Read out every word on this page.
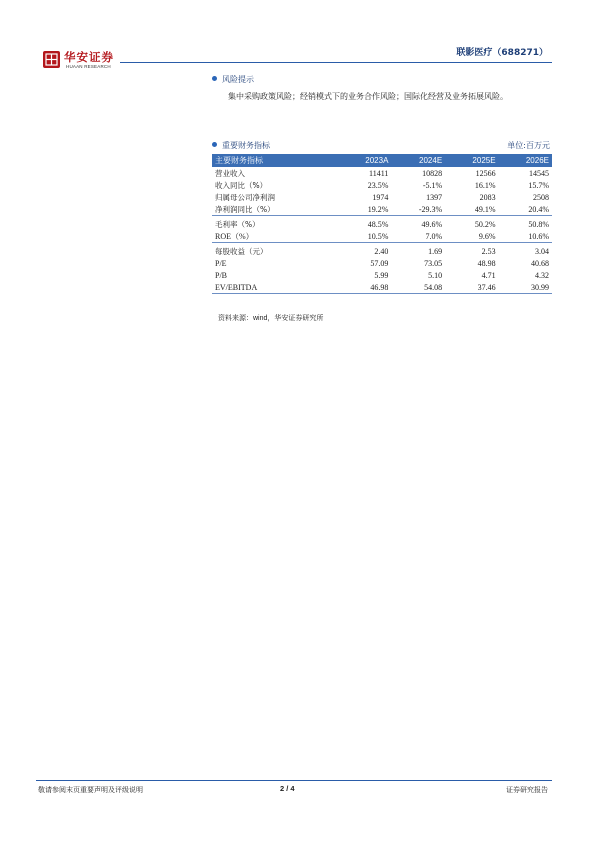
华安证券
HUAAN RESEARCH
联影医疗（688271）
风险提示
集中采购政策风险；经销模式下的业务合作风险；国际化经营及业务拓展风险。
重要财务指标	单位:百万元
主要财务指标	2023A	2024E	2025E	2026E
营业收入	11411	10828	12566	14545
收入同比（%）	23.5%	-5.1%	16.1%	15.7%
归属母公司净利润	1974	1397	2083	2508
净利润同比（%）	19.2%	-29.3%	49.1%	20.4%
毛利率（%）	48.5%	49.6%	50.2%	50.8%
ROE（%）	10.5%	7.0%	9.6%	10.6%
每股收益（元）	2.40	1.69	2.53	3.04
P/E	57.09	73.05	48.98	40.68
P/B	5.99	5.10	4.71	4.32
EV/EBITDA	46.98	54.08	37.46	30.99
资料来源：wind，华安证券研究所
敬请参阅末页重要声明及评级说明	2 / 4	证券研究报告
